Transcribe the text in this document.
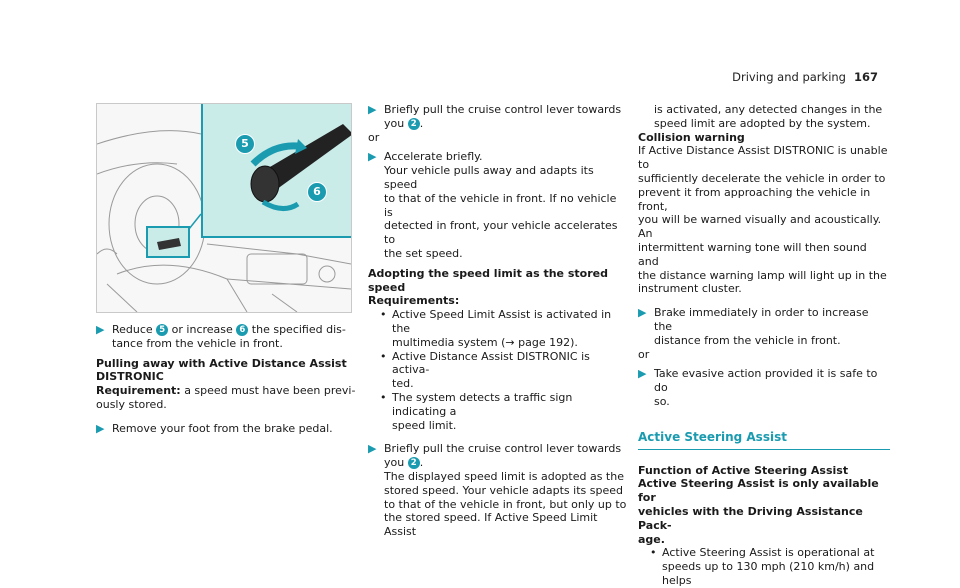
Driving and parking 167
5
6
▶ Reduce 5 or increase 6 the specified dis-

tance from the vehicle in front.

Pulling away with Active Distance Assist

DISTRONIC

Requirement: a speed must have been previ-

ously stored.

▶ Remove your foot from the brake pedal.

▶ Briefly pull the cruise control lever towards

you 2 .

or

▶ Accelerate briefly.

Your vehicle pulls away and adapts its speed

to that of the vehicle in front. If no vehicle is

detected in front, your vehicle accelerates to

the set speed.

Adopting the speed limit as the stored speed

Requirements:

• Active Speed Limit Assist is activated in the

multimedia system (→ page 192).

• Active Distance Assist DISTRONIC is activa-

ted.

• The system detects a traffic sign indicating a

speed limit.

▶ Briefly pull the cruise control lever towards

you 2 .

The displayed speed limit is adopted as the

stored speed. Your vehicle adapts its speed

to that of the vehicle in front, but only up to

the stored speed. If Active Speed Limit Assist

is activated, any detected changes in the

speed limit are adopted by the system.

Collision warning

If Active Distance Assist DISTRONIC is unable to

sufficiently decelerate the vehicle in order to

prevent it from approaching the vehicle in front,

you will be warned visually and acoustically. An

intermittent warning tone will then sound and

the distance warning lamp will light up in the

instrument cluster.

▶ Brake immediately in order to increase the

distance from the vehicle in front.

or

▶ Take evasive action provided it is safe to do

so.

Active Steering Assist

Function of Active Steering Assist

Active Steering Assist is only available for

vehicles with the Driving Assistance Pack-

age.

• Active Steering Assist is operational at

speeds up to 130 mph (210 km/h) and helps
